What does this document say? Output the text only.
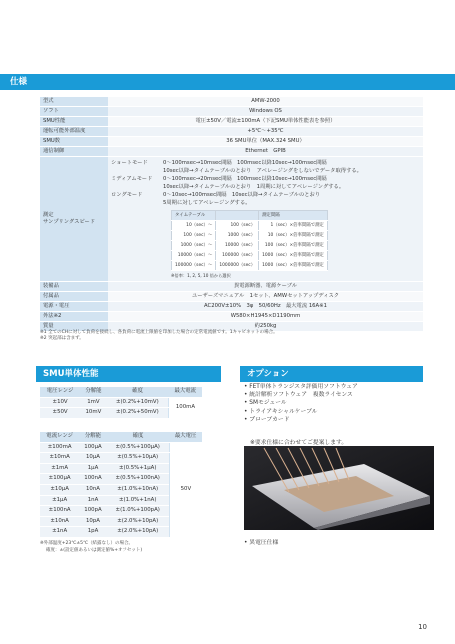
仕様
型式	AMW-2000
ソフト	Windows OS
SMU性能	電圧±50V／電流±100mA（下記SMU単体性能表を参照）
運転可能外部温度	+5℃～+35℃
SMU数	36 SMU単位（MAX.324 SMU）
通信制御	Ethernet　GPIB
測定
サンプリングスピード	
ショートモード	0～100msec→10msec間隔　100msec以降10sec→100msec間隔
10sec以降→タイムテーブルのとおり　アベレージングをしないでデータ取得する。
ミディアムモード	0～100msec→20msec間隔　100msec以降10sec→100msec間隔
10sec以降→タイムテーブルのとおり　1周期に対してアベレージングする。
ロングモード	0～10sec→100msec間隔　10sec以降→タイムテーブルのとおり
5周期に対してアベレージングする。
タイムテーブル		測定間隔
10（sec）～	100（sec）	1（sec）×倍率間隔で測定
100（sec）～	1000（sec）	10（sec）×倍率間隔で測定
1000（sec）～	10000（sec）	100（sec）×倍率間隔で測定
10000（sec）～	100000（sec）	1000（sec）×倍率間隔で測定
100000（sec）～	1000000（sec）	1000（sec）×倍率間隔で測定
※倍率：1, 2, 5, 10 倍から選択

装備品	異電源断器、電源ケーブル
付属品	ユーザーズマニュアル　1セット、AMWセットアップディスク
電源・電圧	AC200V±10%　3φ　50/60Hz　最大電流 16A※1
外法※2	W580×H1945×D1190mm
質量	約250kg
※1 全てのCHに対して負荷を接続し、各負荷に電流上限値を印加した場合の定常電流値です。1キャビネットの場合。
※2 突起部は含まず。
SMU単体性能
電圧レンジ	分解能	確度	最大電流
±10V	1mV	±(0.2%+10mV)	100mA
±50V	10mV	±(0.2%+50mV)	
電流レンジ	分解能	確度	最大電圧
±100mA	100μA	±(0.5%+100μA)	50V
±10mA	10μA	±(0.5%+10μA)	
±1mA	1μA	±(0.5%+1μA)	
±100μA	100nA	±(0.5%+100nA)	
±10μA	10nA	±(1.0%+10nA)	
±1μA	1nA	±(1.0%+1nA)	
±100nA	100pA	±(1.0%+100pA)	
±10nA	10pA	±(2.0%+10pA)	
±1nA	1pA	±(2.0%+10pA)	
※外部温度+23℃±5℃（結露なし）の場合。
確度：±(設定値あるいは測定値%+オフセット)
オプション
• FET単体トランジスタ評価用ソフトウェア
• 統計解析ソフトウェア　複数ライセンス
• SMモジュール
• トライアキシャルケーブル
• プローブカード
※要求仕様に合わせてご提案します。
• 異電圧仕様
10
